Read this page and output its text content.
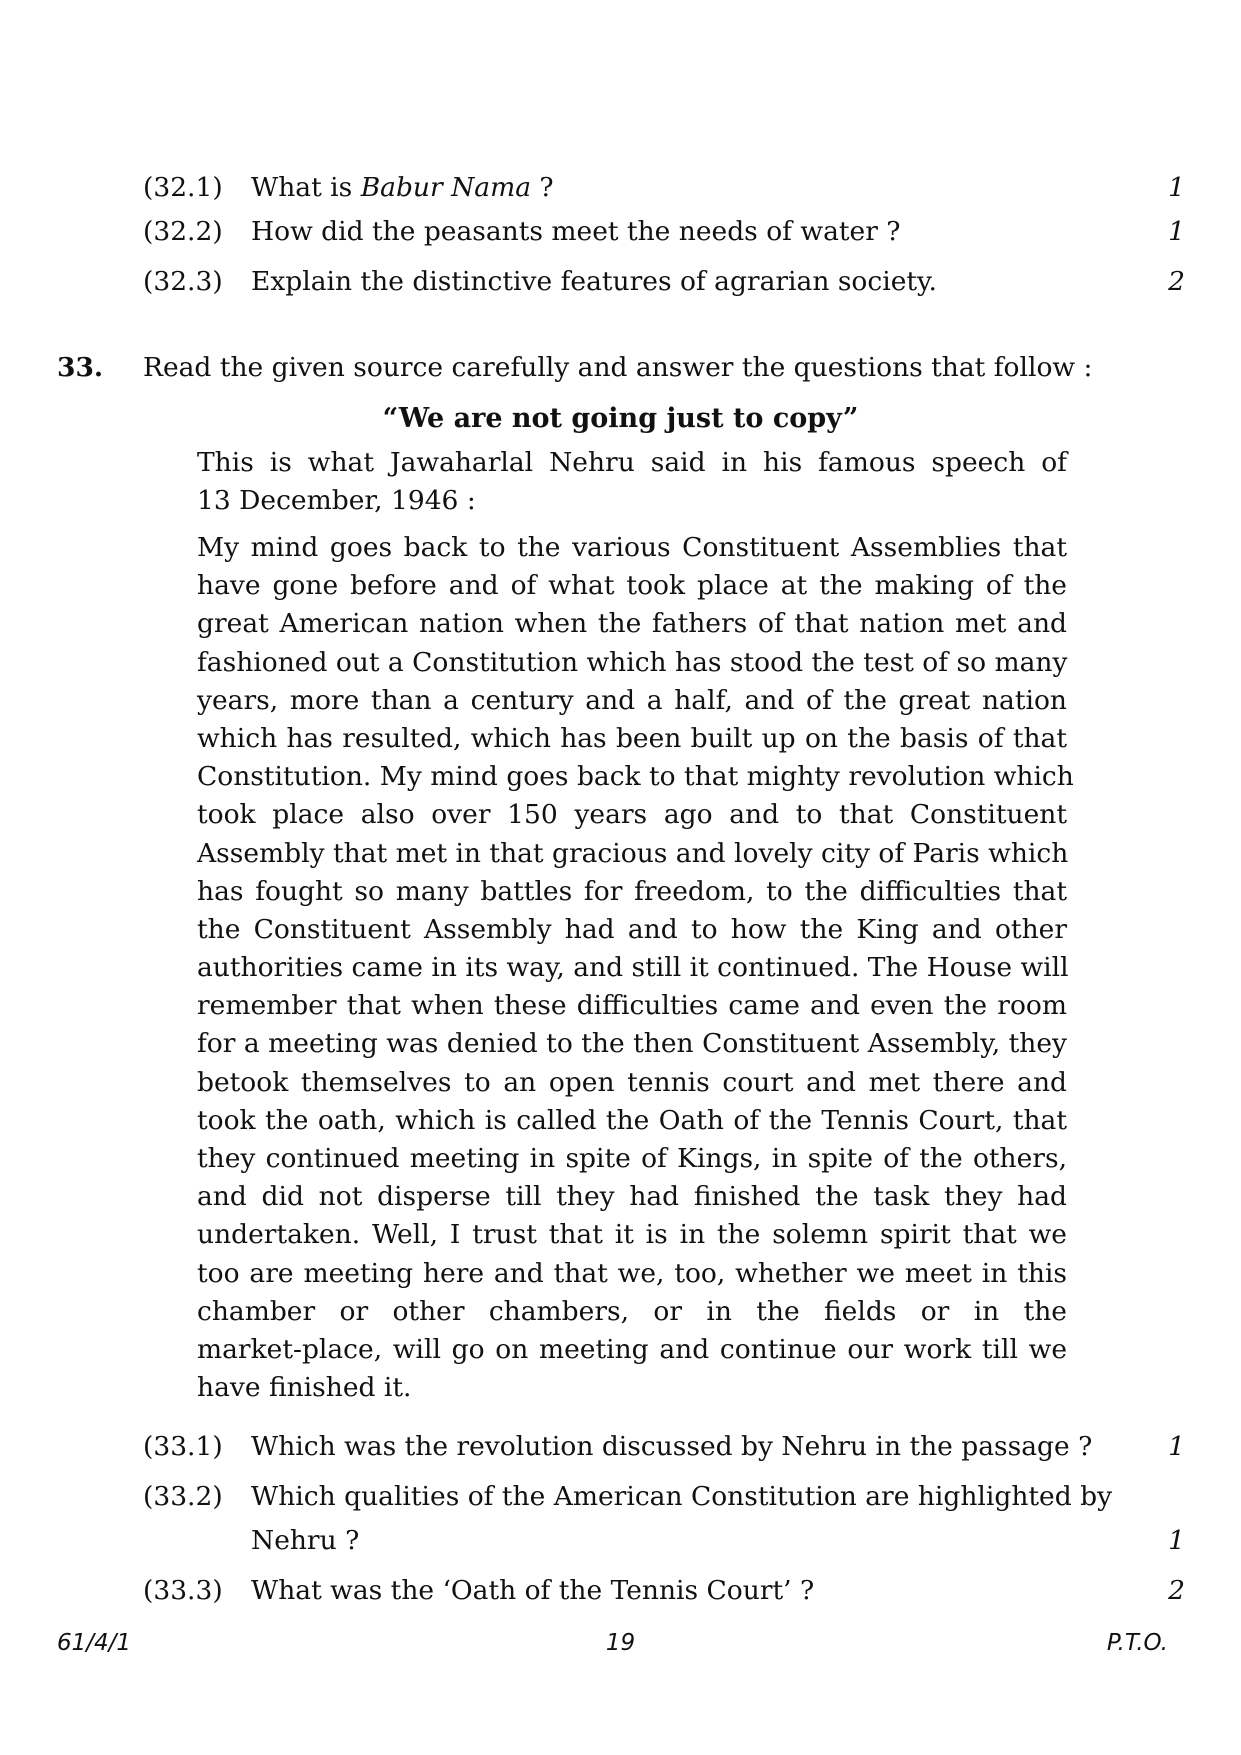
(32.1) What is Babur Nama ?	1
(32.2) How did the peasants meet the needs of water ?	1
(32.3) Explain the distinctive features of agrarian society.	2
33. Read the given source carefully and answer the questions that follow :
“We are not going just to copy”
This is what Jawaharlal Nehru said in his famous speech of
13 December, 1946 :
My mind goes back to the various Constituent Assemblies that
have gone before and of what took place at the making of the
great American nation when the fathers of that nation met and
fashioned out a Constitution which has stood the test of so many
years, more than a century and a half, and of the great nation
which has resulted, which has been built up on the basis of that
Constitution. My mind goes back to that mighty revolution which
took place also over 150 years ago and to that Constituent
Assembly that met in that gracious and lovely city of Paris which
has fought so many battles for freedom, to the difficulties that
the Constituent Assembly had and to how the King and other
authorities came in its way, and still it continued. The House will
remember that when these difficulties came and even the room
for a meeting was denied to the then Constituent Assembly, they
betook themselves to an open tennis court and met there and
took the oath, which is called the Oath of the Tennis Court, that
they continued meeting in spite of Kings, in spite of the others,
and did not disperse till they had finished the task they had
undertaken. Well, I trust that it is in the solemn spirit that we
too are meeting here and that we, too, whether we meet in this
chamber or other chambers, or in the fields or in the
market-place, will go on meeting and continue our work till we
have finished it.
(33.1) Which was the revolution discussed by Nehru in the passage ?	1
(33.2) Which qualities of the American Constitution are highlighted by
Nehru ?	1
(33.3) What was the ‘Oath of the Tennis Court’ ?	2
61/4/1	19	P.T.O.
